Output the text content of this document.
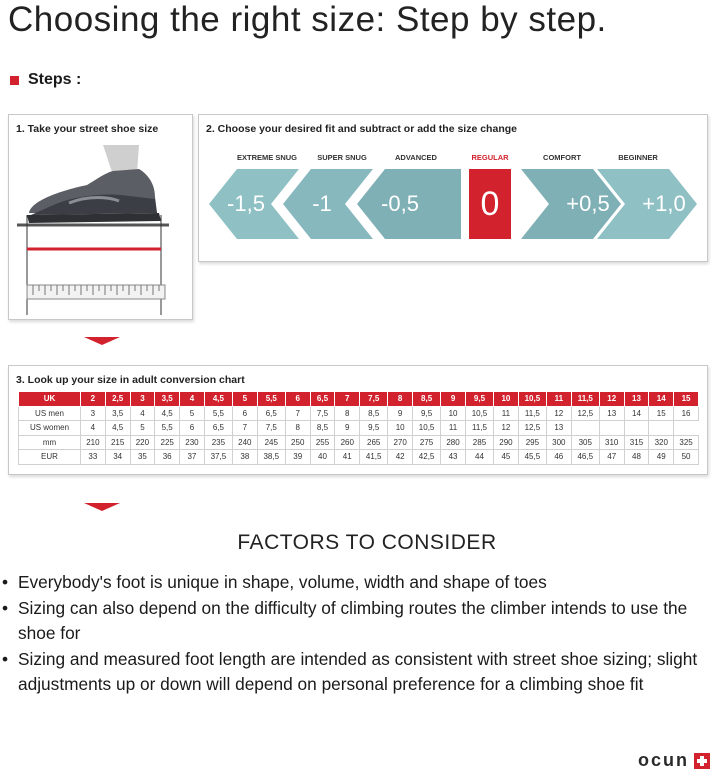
Choosing the right size: Step by step.
Steps :
1. Take your street shoe size	2. Choose your desired fit and subtract or add the size change
EXTREME SNUG	SUPER SNUG	ADVANCED	REGULAR	COMFORT	BEGINNER
-1,5	-1	-0,5	0	+0,5	+1,0
3. Look up your size in adult conversion chart
UK	2	2,5	3	3,5	4	4,5	5	5,5	6	6,5	7	7,5	8	8,5	9	9,5	10	10,5	11	11,5	12	13	14	15
US men	3	3,5	4	4,5	5	5,5	6	6,5	7	7,5	8	8,5	9	9,5	10	10,5	11	11,5	12	12,5	13	14	15	16
US women	4	4,5	5	5,5	6	6,5	7	7,5	8	8,5	9	9,5	10	10,5	11	11,5	12	12,5	13					
mm	210	215	220	225	230	235	240	245	250	255	260	265	270	275	280	285	290	295	300	305	310	315	320	325
EUR	33	34	35	36	37	37,5	38	38,5	39	40	41	41,5	42	42,5	43	44	45	45,5	46	46,5	47	48	49	50
FACTORS TO CONSIDER
• Everybody's foot is unique in shape, volume, width and shape of toes
• Sizing can also depend on the difficulty of climbing routes the climber intends to use the shoe for
• Sizing and measured foot length are intended as consistent with street shoe sizing; slight adjustments up or down will depend on personal preference for a climbing shoe fit
ocun
